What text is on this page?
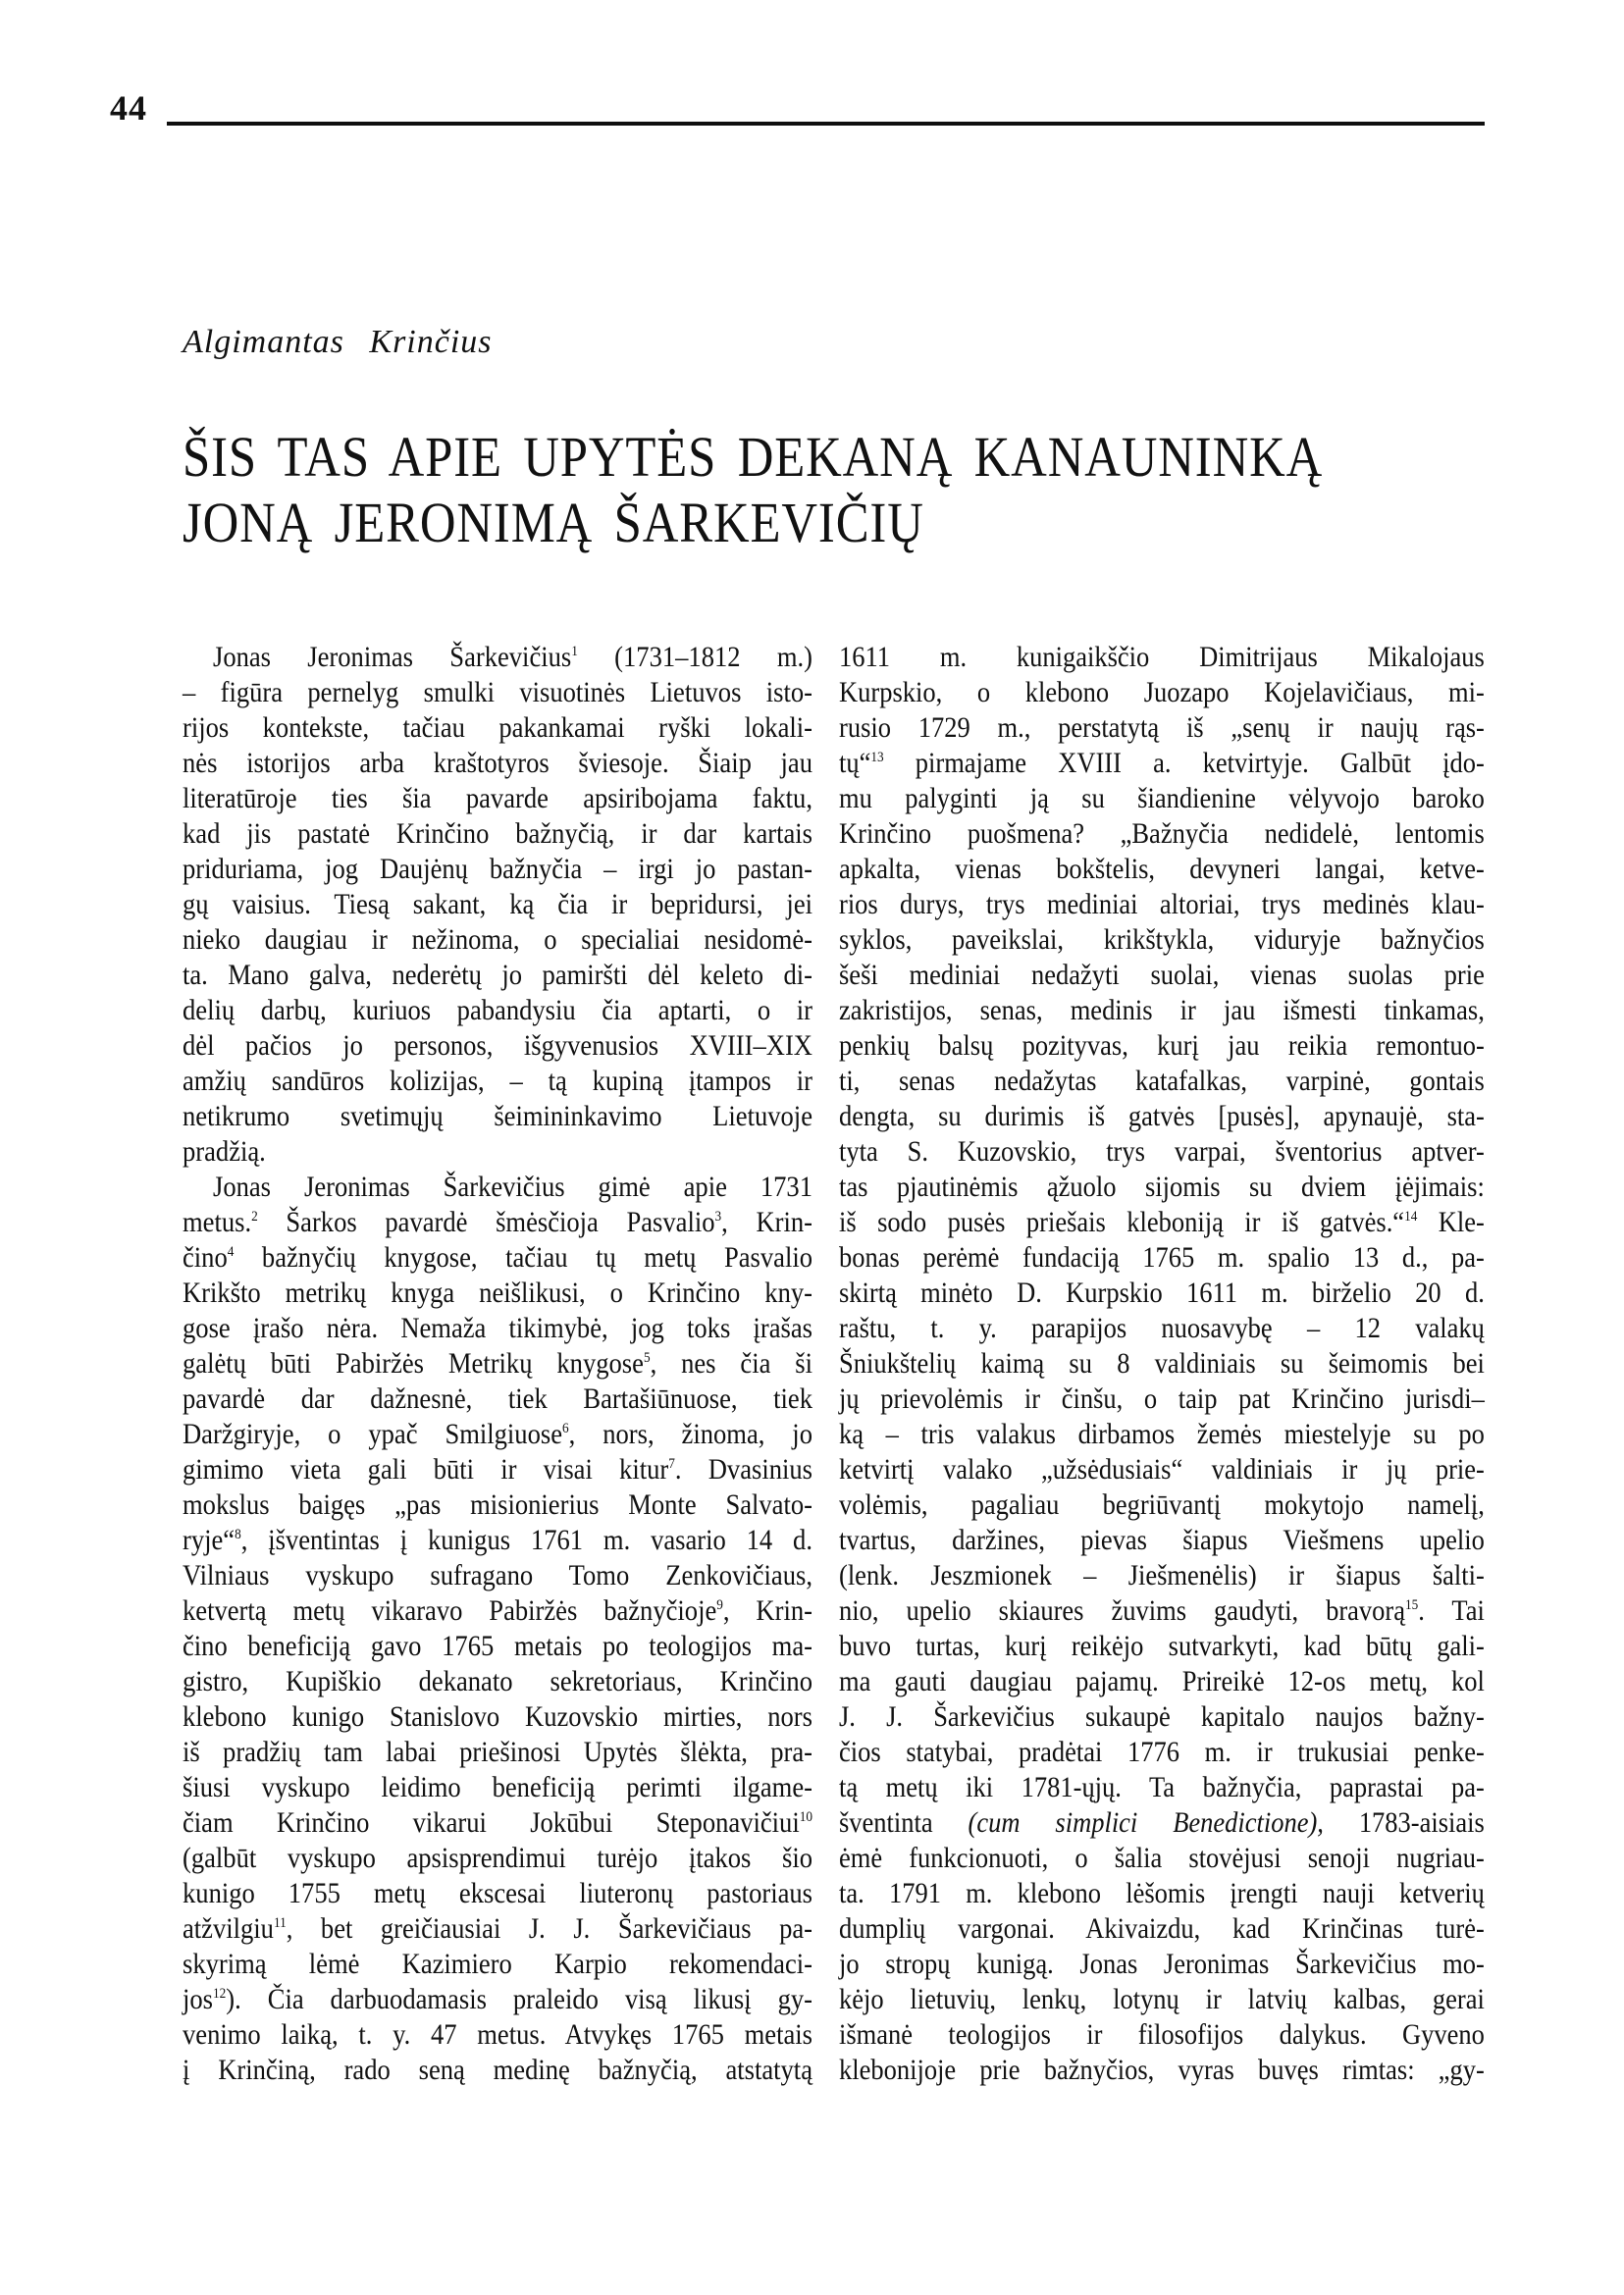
44
Algimantas Krinčius
ŠIS TAS APIE UPYTĖS DEKANĄ KANAUNINKĄ
JONĄ JERONIMĄ ŠARKEVIČIŲ
Jonas Jeronimas Šarkevičius$^1$ (1731–1812 m.)
– figūra pernelyg smulki visuotinės Lietuvos isto-
rijos kontekste, tačiau pakankamai ryški lokali-
nės istorijos arba kraštotyros šviesoje. Šiaip jau
literatūroje ties šia pavarde apsiribojama faktu,
kad jis pastatė Krinčino bažnyčią, ir dar kartais
priduriama, jog Daujėnų bažnyčia – irgi jo pastan-
gų vaisius. Tiesą sakant, ką čia ir bepridursi, jei
nieko daugiau ir nežinoma, o specialiai nesidomė-
ta. Mano galva, nederėtų jo pamiršti dėl keleto di-
delių darbų, kuriuos pabandysiu čia aptarti, o ir
dėl pačios jo personos, išgyvenusios XVIII–XIX
amžių sandūros kolizijas, – tą kupiną įtampos ir
netikrumo svetimųjų šeimininkavimo Lietuvoje
pradžią.
Jonas Jeronimas Šarkevičius gimė apie 1731
metus.$^2$ Šarkos pavardė šmėsčioja Pasvalio$^3$, Krin-
čino$^4$ bažnyčių knygose, tačiau tų metų Pasvalio
Krikšto metrikų knyga neišlikusi, o Krinčino kny-
gose įrašo nėra. Nemaža tikimybė, jog toks įrašas
galėtų būti Pabiržės Metrikų knygose$^5$, nes čia ši
pavardė dar dažnesnė, tiek Bartašiūnuose, tiek
Daržgiryje, o ypač Smilgiuose$^6$, nors, žinoma, jo
gimimo vieta gali būti ir visai kitur$^7$. Dvasinius
mokslus baigęs „pas misionierius Monte Salvato-
ryje“$^8$, įšventintas į kunigus 1761 m. vasario 14 d.
Vilniaus vyskupo sufragano Tomo Zenkovičiaus,
ketvertą metų vikaravo Pabiržės bažnyčioje$^9$, Krin-
čino beneficiją gavo 1765 metais po teologijos ma-
gistro, Kupiškio dekanato sekretoriaus, Krinčino
klebono kunigo Stanislovo Kuzovskio mirties, nors
iš pradžių tam labai priešinosi Upytės šlėkta, pra-
šiusi vyskupo leidimo beneficiją perimti ilgame-
čiam Krinčino vikarui Jokūbui Steponavičiui$^{10}$
(galbūt vyskupo apsisprendimui turėjo įtakos šio
kunigo 1755 metų ekscesai liuteronų pastoriaus
atžvilgiu$^{11}$, bet greičiausiai J. J. Šarkevičiaus pa-
skyrimą lėmė Kazimiero Karpio rekomendaci-
jos$^{12}$). Čia darbuodamasis praleido visą likusį gy-
venimo laiką, t. y. 47 metus. Atvykęs 1765 metais
į Krinčiną, rado seną medinę bažnyčią, atstatytą
1611 m. kunigaikščio Dimitrijaus Mikalojaus
Kurpskio, o klebono Juozapo Kojelavičiaus, mi-
rusio 1729 m., perstatytą iš „senų ir naujų rąs-
tų“$^{13}$ pirmajame XVIII a. ketvirtyje. Galbūt įdo-
mu palyginti ją su šiandienine vėlyvojo baroko
Krinčino puošmena? „Bažnyčia nedidelė, lentomis
apkalta, vienas bokštelis, devyneri langai, ketve-
rios durys, trys mediniai altoriai, trys medinės klau-
syklos, paveikslai, krikštykla, viduryje bažnyčios
šeši mediniai nedažyti suolai, vienas suolas prie
zakristijos, senas, medinis ir jau išmesti tinkamas,
penkių balsų pozityvas, kurį jau reikia remontuo-
ti, senas nedažytas katafalkas, varpinė, gontais
dengta, su durimis iš gatvės [pusės], apynaujė, sta-
tyta S. Kuzovskio, trys varpai, šventorius aptver-
tas pjautinėmis ąžuolo sijomis su dviem įėjimais:
iš sodo pusės priešais kleboniją ir iš gatvės.“$^{14}$ Kle-
bonas perėmė fundaciją 1765 m. spalio 13 d., pa-
skirtą minėto D. Kurpskio 1611 m. birželio 20 d.
raštu, t. y. parapijos nuosavybę – 12 valakų
Šniukštelių kaimą su 8 valdiniais su šeimomis bei
jų prievolėmis ir činšu, o taip pat Krinčino jurisdi–
ką – tris valakus dirbamos žemės miestelyje su po
ketvirtį valako „užsėdusiais“ valdiniais ir jų prie-
volėmis, pagaliau begriūvantį mokytojo namelį,
tvartus, daržines, pievas šiapus Viešmens upelio
(lenk. Jeszmionek – Jiešmenėlis) ir šiapus šalti-
nio, upelio skiaures žuvims gaudyti, bravorą$^{15}$. Tai
buvo turtas, kurį reikėjo sutvarkyti, kad būtų gali-
ma gauti daugiau pajamų. Prireikė 12-os metų, kol
J. J. Šarkevičius sukaupė kapitalo naujos bažny-
čios statybai, pradėtai 1776 m. ir trukusiai penke-
tą metų iki 1781-ųjų. Ta bažnyčia, paprastai pa-
šventinta (cum simplici Benedictione), 1783-aisiais
ėmė funkcionuoti, o šalia stovėjusi senoji nugriau-
ta. 1791 m. klebono lėšomis įrengti nauji ketverių
dumplių vargonai. Akivaizdu, kad Krinčinas turė-
jo stropų kunigą. Jonas Jeronimas Šarkevičius mo-
kėjo lietuvių, lenkų, lotynų ir latvių kalbas, gerai
išmanė teologijos ir filosofijos dalykus. Gyveno
klebonijoje prie bažnyčios, vyras buvęs rimtas: „gy-
